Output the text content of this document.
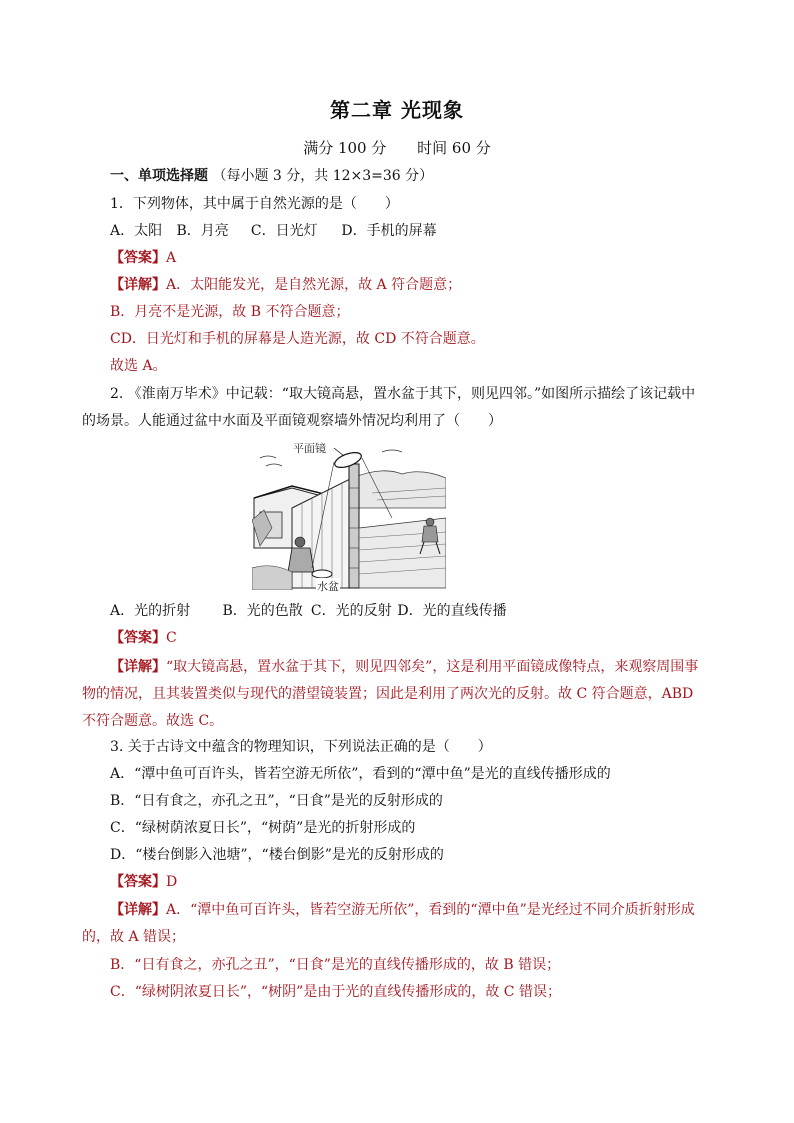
第二章 光现象
满分 100 分 时间 60 分
一、单项选择题 （每小题 3 分，共 12×3=36 分）
1．下列物体，其中属于自然光源的是（　　）
A．太阳 B．月亮 C．日光灯 D．手机的屏幕
【答案】A
【详解】A．太阳能发光，是自然光源，故 A 符合题意；
B．月亮不是光源，故 B 不符合题意；
CD．日光灯和手机的屏幕是人造光源，故 CD 不符合题意。
故选 A。
2. 《淮南万毕术》中记载：“取大镜高悬，置水盆于其下，则见四邻。”如图所示描绘了该记载中的场景。人能通过盆中水面及平面镜观察墙外情况均利用了（　　）
平面镜
水盆
A．光的折射 B．光的色散 C．光的反射 D．光的直线传播
【答案】C
【详解】“取大镜高悬，置水盆于其下，则见四邻矣”，这是利用平面镜成像特点，来观察周围事物的情况，且其装置类似与现代的潜望镜装置；因此是利用了两次光的反射。故 C 符合题意，ABD 不符合题意。故选 C。
3. 关于古诗文中蕴含的物理知识，下列说法正确的是（　　）
A．“潭中鱼可百许头，皆若空游无所依”，看到的“潭中鱼”是光的直线传播形成的
B．“日有食之，亦孔之丑”，“日食”是光的反射形成的
C．“绿树荫浓夏日长”，“树荫”是光的折射形成的
D．“楼台倒影入池塘”，“楼台倒影”是光的反射形成的
【答案】D
【详解】A．“潭中鱼可百许头，皆若空游无所依”，看到的“潭中鱼”是光经过不同介质折射形成的，故 A 错误；
B．“日有食之，亦孔之丑”，“日食”是光的直线传播形成的，故 B 错误；
C．“绿树阴浓夏日长”，“树阴”是由于光的直线传播形成的，故 C 错误；
